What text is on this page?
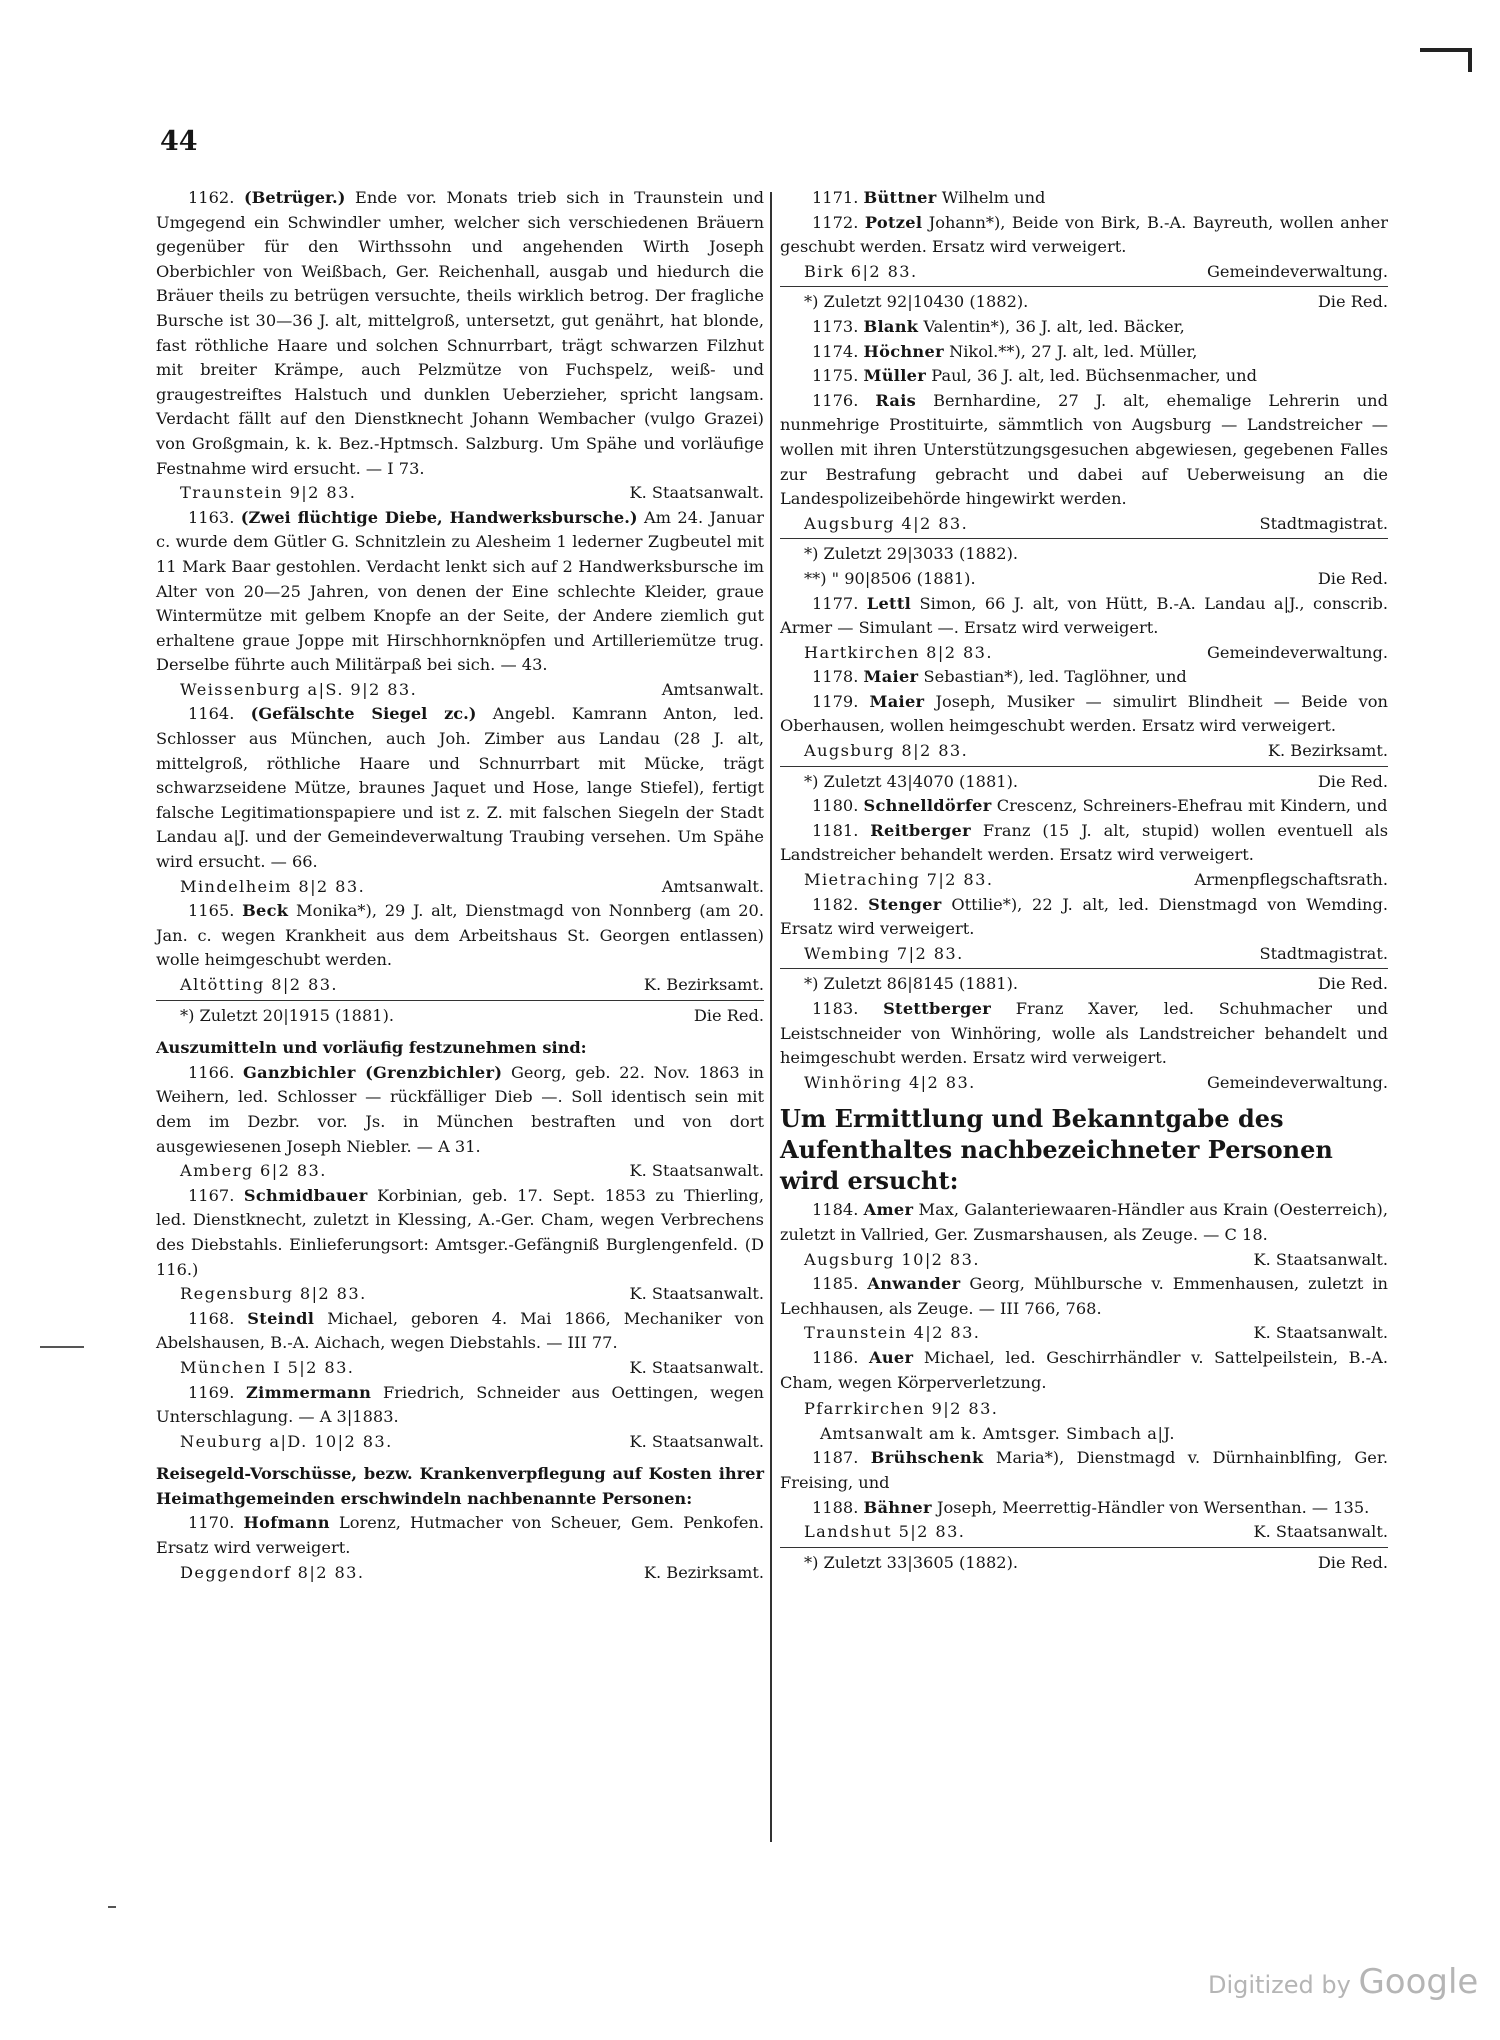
44

1162. (Betrüger.) Ende vor. Monats trieb sich in Traunstein und Umgegend ein Schwindler umher, welcher sich verschiedenen Bräuern gegenüber für den Wirthssohn und angehenden Wirth Joseph Oberbichler von Weißbach, Ger. Reichenhall, ausgab und hiedurch die Bräuer theils zu betrügen versuchte, theils wirklich betrog. Der fragliche Bursche ist 30—36 J. alt, mittelgroß, untersetzt, gut genährt, hat blonde, fast röthliche Haare und solchen Schnurrbart, trägt schwarzen Filzhut mit breiter Krämpe, auch Pelzmütze von Fuchspelz, weiß- und graugestreiftes Halstuch und dunklen Ueberzieher, spricht langsam. Verdacht fällt auf den Dienstknecht Johann Wembacher (vulgo Grazei) von Großgmain, k. k. Bez.-Hptmsch. Salzburg. Um Spähe und vorläufige Festnahme wird ersucht. — I 73.

Traunstein 9|2 83.	K. Staatsanwalt.

1163. (Zwei flüchtige Diebe, Handwerksbursche.) Am 24. Januar c. wurde dem Gütler G. Schnitzlein zu Alesheim 1 lederner Zugbeutel mit 11 Mark Baar gestohlen. Verdacht lenkt sich auf 2 Handwerksbursche im Alter von 20—25 Jahren, von denen der Eine schlechte Kleider, graue Wintermütze mit gelbem Knopfe an der Seite, der Andere ziemlich gut erhaltene graue Joppe mit Hirschhornknöpfen und Artilleriemütze trug. Derselbe führte auch Militärpaß bei sich. — 43.

Weissenburg a|S. 9|2 83.	Amtsanwalt.

1164. (Gefälschte Siegel zc.) Angebl. Kamrann Anton, led. Schlosser aus München, auch Joh. Zimber aus Landau (28 J. alt, mittelgroß, röthliche Haare und Schnurrbart mit Mücke, trägt schwarzseidene Mütze, braunes Jaquet und Hose, lange Stiefel), fertigt falsche Legitimationspapiere und ist z. Z. mit falschen Siegeln der Stadt Landau a|J. und der Gemeindeverwaltung Traubing versehen. Um Spähe wird ersucht. — 66.

Mindelheim 8|2 83.	Amtsanwalt.

1165. Beck Monika*), 29 J. alt, Dienstmagd von Nonnberg (am 20. Jan. c. wegen Krankheit aus dem Arbeitshaus St. Georgen entlassen) wolle heimgeschubt werden.

Altötting 8|2 83.	K. Bezirksamt.
*) Zuletzt 20|1915 (1881).	Die Red.

Auszumitteln und vorläufig festzunehmen sind:

1166. Ganzbichler (Grenzbichler) Georg, geb. 22. Nov. 1863 in Weihern, led. Schlosser — rückfälliger Dieb —. Soll identisch sein mit dem im Dezbr. vor. Js. in München bestraften und von dort ausgewiesenen Joseph Niebler. — A 31.

Amberg 6|2 83.	K. Staatsanwalt.

1167. Schmidbauer Korbinian, geb. 17. Sept. 1853 zu Thierling, led. Dienstknecht, zuletzt in Klessing, A.-Ger. Cham, wegen Verbrechens des Diebstahls. Einlieferungsort: Amtsger.-Gefängniß Burglengenfeld. (D 116.)

Regensburg 8|2 83.	K. Staatsanwalt.

1168. Steindl Michael, geboren 4. Mai 1866, Mechaniker von Abelshausen, B.-A. Aichach, wegen Diebstahls. — III 77.

München I 5|2 83.	K. Staatsanwalt.

1169. Zimmermann Friedrich, Schneider aus Oettingen, wegen Unterschlagung. — A 3|1883.

Neuburg a|D. 10|2 83.	K. Staatsanwalt.

Reisegeld-Vorschüsse, bezw. Krankenverpflegung auf Kosten ihrer Heimathgemeinden erschwindeln nachbenannte Personen:

1170. Hofmann Lorenz, Hutmacher von Scheuer, Gem. Penkofen. Ersatz wird verweigert.

Deggendorf 8|2 83.	K. Bezirksamt.

1171. Büttner Wilhelm und

1172. Potzel Johann*), Beide von Birk, B.-A. Bayreuth, wollen anher geschubt werden. Ersatz wird verweigert.

Birk 6|2 83.	Gemeindeverwaltung.
*) Zuletzt 92|10430 (1882).	Die Red.

1173. Blank Valentin*), 36 J. alt, led. Bäcker,

1174. Höchner Nikol.**), 27 J. alt, led. Müller,

1175. Müller Paul, 36 J. alt, led. Büchsenmacher, und

1176. Rais Bernhardine, 27 J. alt, ehemalige Lehrerin und nunmehrige Prostituirte, sämmtlich von Augsburg — Landstreicher — wollen mit ihren Unterstützungsgesuchen abgewiesen, gegebenen Falles zur Bestrafung gebracht und dabei auf Ueberweisung an die Landespolizeibehörde hingewirkt werden.

Augsburg 4|2 83.	Stadtmagistrat.
*) Zuletzt 29|3033 (1882).
**) " 90|8506 (1881).	Die Red.

1177. Lettl Simon, 66 J. alt, von Hütt, B.-A. Landau a|J., conscrib. Armer — Simulant —. Ersatz wird verweigert.

Hartkirchen 8|2 83.	Gemeindeverwaltung.

1178. Maier Sebastian*), led. Taglöhner, und

1179. Maier Joseph, Musiker — simulirt Blindheit — Beide von Oberhausen, wollen heimgeschubt werden. Ersatz wird verweigert.

Augsburg 8|2 83.	K. Bezirksamt.
*) Zuletzt 43|4070 (1881).	Die Red.

1180. Schnelldörfer Crescenz, Schreiners-Ehefrau mit Kindern, und

1181. Reitberger Franz (15 J. alt, stupid) wollen eventuell als Landstreicher behandelt werden. Ersatz wird verweigert.

Mietraching 7|2 83.	Armenpflegschaftsrath.

1182. Stenger Ottilie*), 22 J. alt, led. Dienstmagd von Wemding. Ersatz wird verweigert.

Wembing 7|2 83.	Stadtmagistrat.
*) Zuletzt 86|8145 (1881).	Die Red.

1183. Stettberger Franz Xaver, led. Schuhmacher und Leistschneider von Winhöring, wolle als Landstreicher behandelt und heimgeschubt werden. Ersatz wird verweigert.

Winhöring 4|2 83.	Gemeindeverwaltung.

Um Ermittlung und Bekanntgabe des Aufenthaltes nachbezeichneter Personen wird ersucht:

1184. Amer Max, Galanteriewaaren-Händler aus Krain (Oesterreich), zuletzt in Vallried, Ger. Zusmarshausen, als Zeuge. — C 18.

Augsburg 10|2 83.	K. Staatsanwalt.

1185. Anwander Georg, Mühlbursche v. Emmenhausen, zuletzt in Lechhausen, als Zeuge. — III 766, 768.

Traunstein 4|2 83.	K. Staatsanwalt.

1186. Auer Michael, led. Geschirrhändler v. Sattelpeilstein, B.-A. Cham, wegen Körperverletzung.

Pfarrkirchen 9|2 83.
Amtsanwalt am k. Amtsger. Simbach a|J.

1187. Brühschenk Maria*), Dienstmagd v. Dürnhainblfing, Ger. Freising, und

1188. Bähner Joseph, Meerrettig-Händler von Wersenthan. — 135.

Landshut 5|2 83.	K. Staatsanwalt.
*) Zuletzt 33|3605 (1882).	Die Red.
Digitized by Google
